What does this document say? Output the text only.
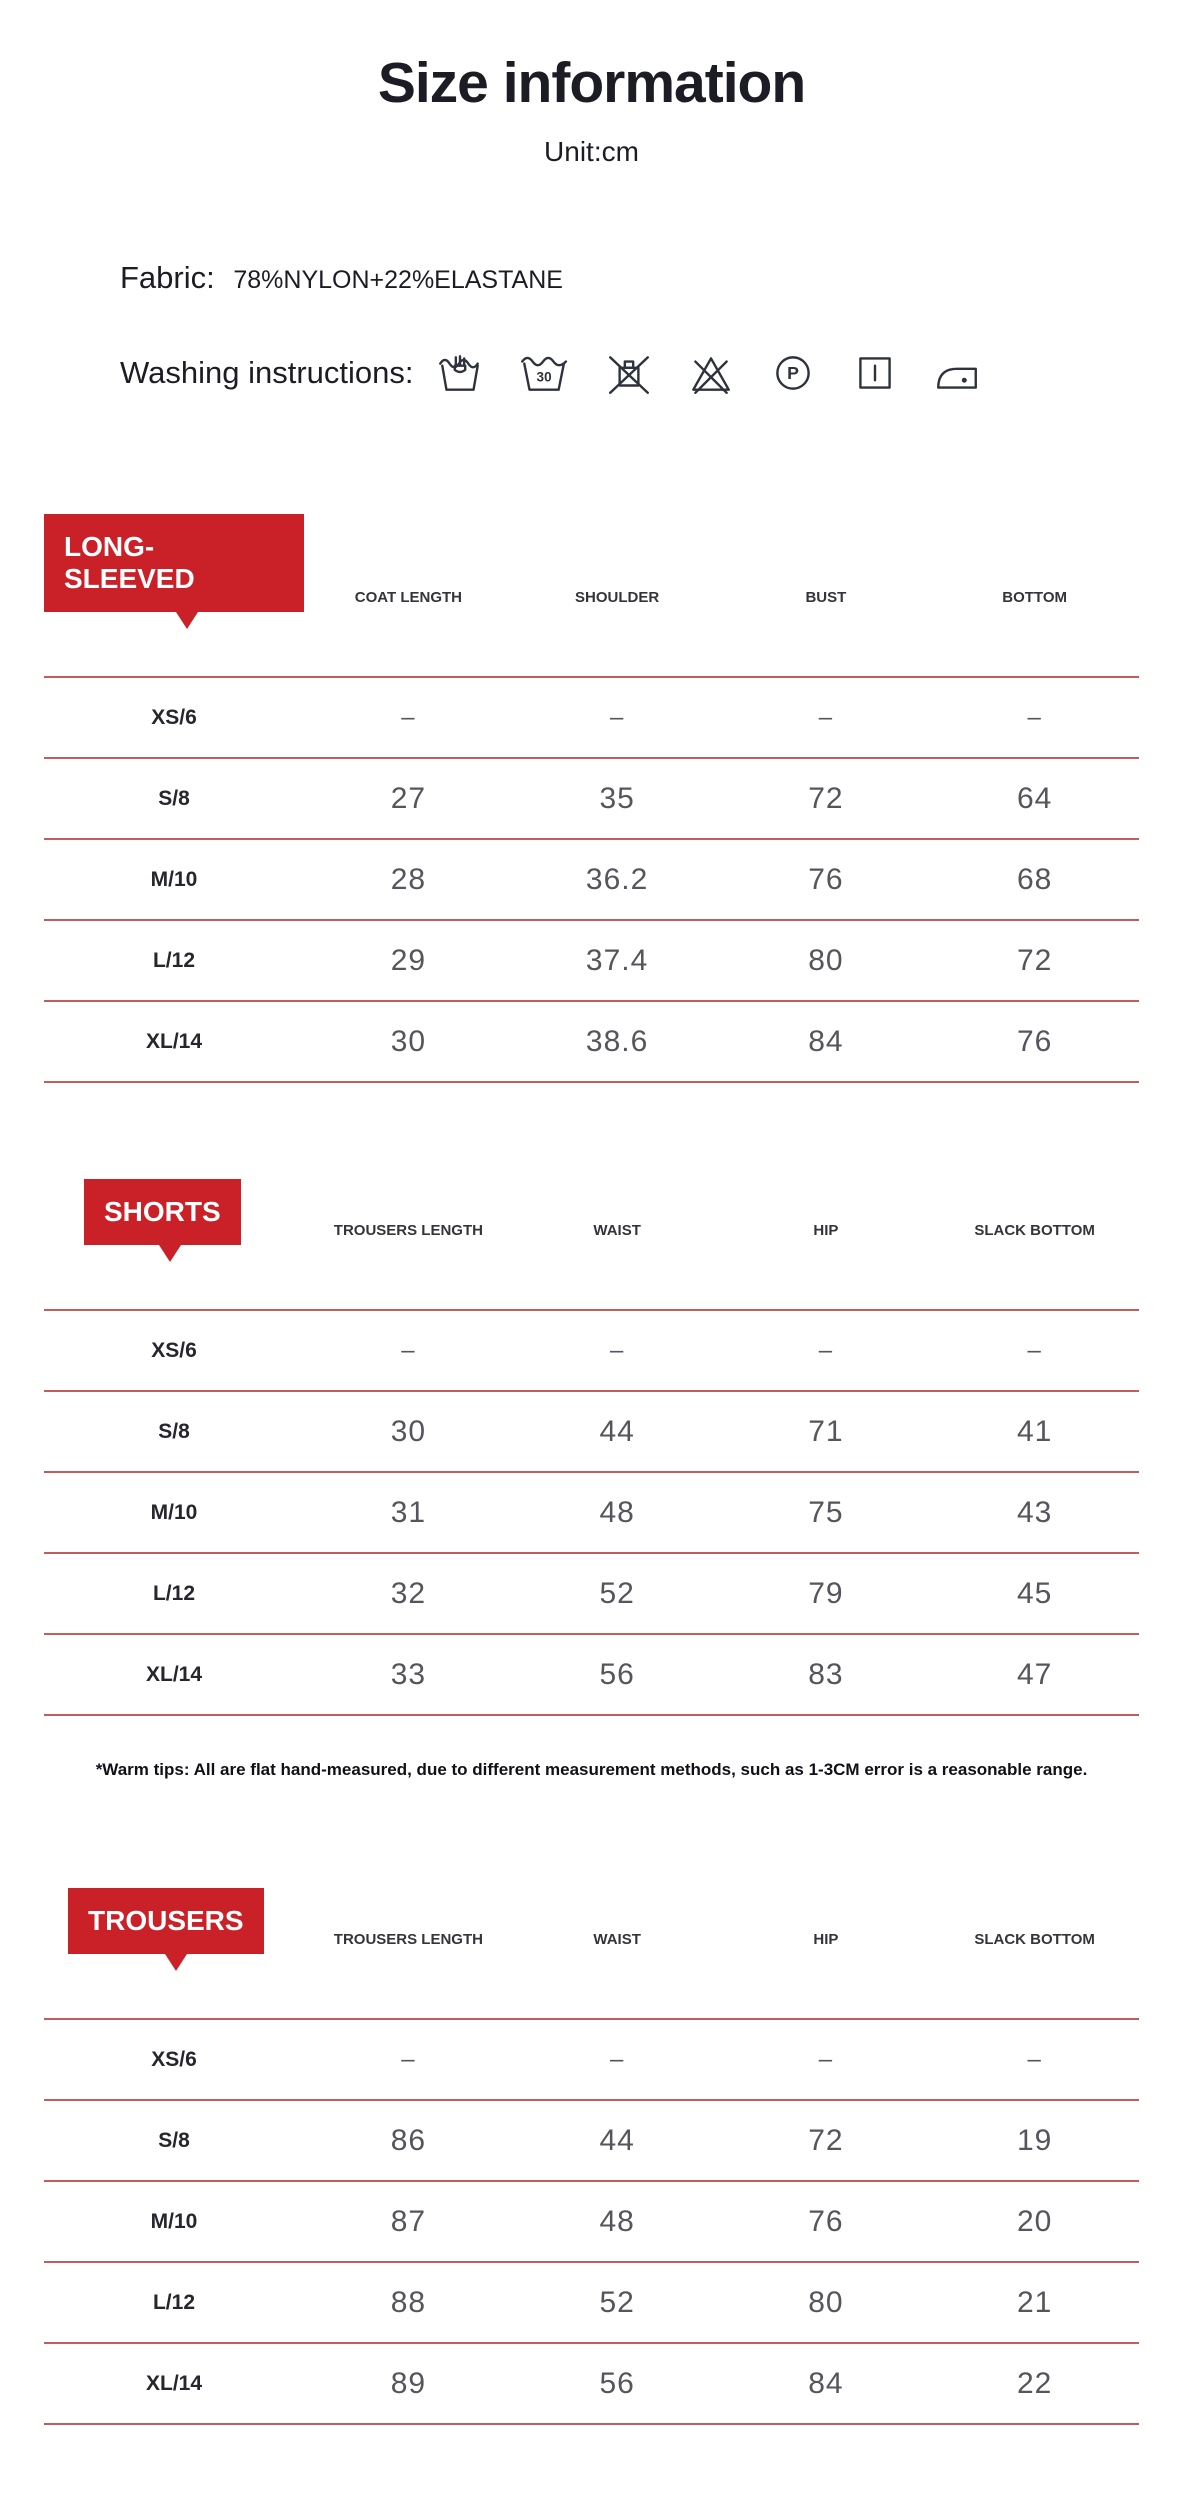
Size information
Unit:cm
Fabric: 78%NYLON+22%ELASTANE
Washing instructions:	30	P
LONG-SLEEVED
COAT LENGTH	SHOULDER	BUST	BOTTOM
XS/6	–	–	–	–
S/8	27	35	72	64
M/10	28	36.2	76	68
L/12	29	37.4	80	72
XL/14	30	38.6	84	76
SHORTS
TROUSERS LENGTH	WAIST	HIP	SLACK BOTTOM
XS/6	–	–	–	–
S/8	30	44	71	41
M/10	31	48	75	43
L/12	32	52	79	45
XL/14	33	56	83	47
*Warm tips: All are flat hand-measured, due to different measurement methods, such as 1-3CM error is a reasonable range.
TROUSERS
TROUSERS LENGTH	WAIST	HIP	SLACK BOTTOM
XS/6	–	–	–	–
S/8	86	44	72	19
M/10	87	48	76	20
L/12	88	52	80	21
XL/14	89	56	84	22
